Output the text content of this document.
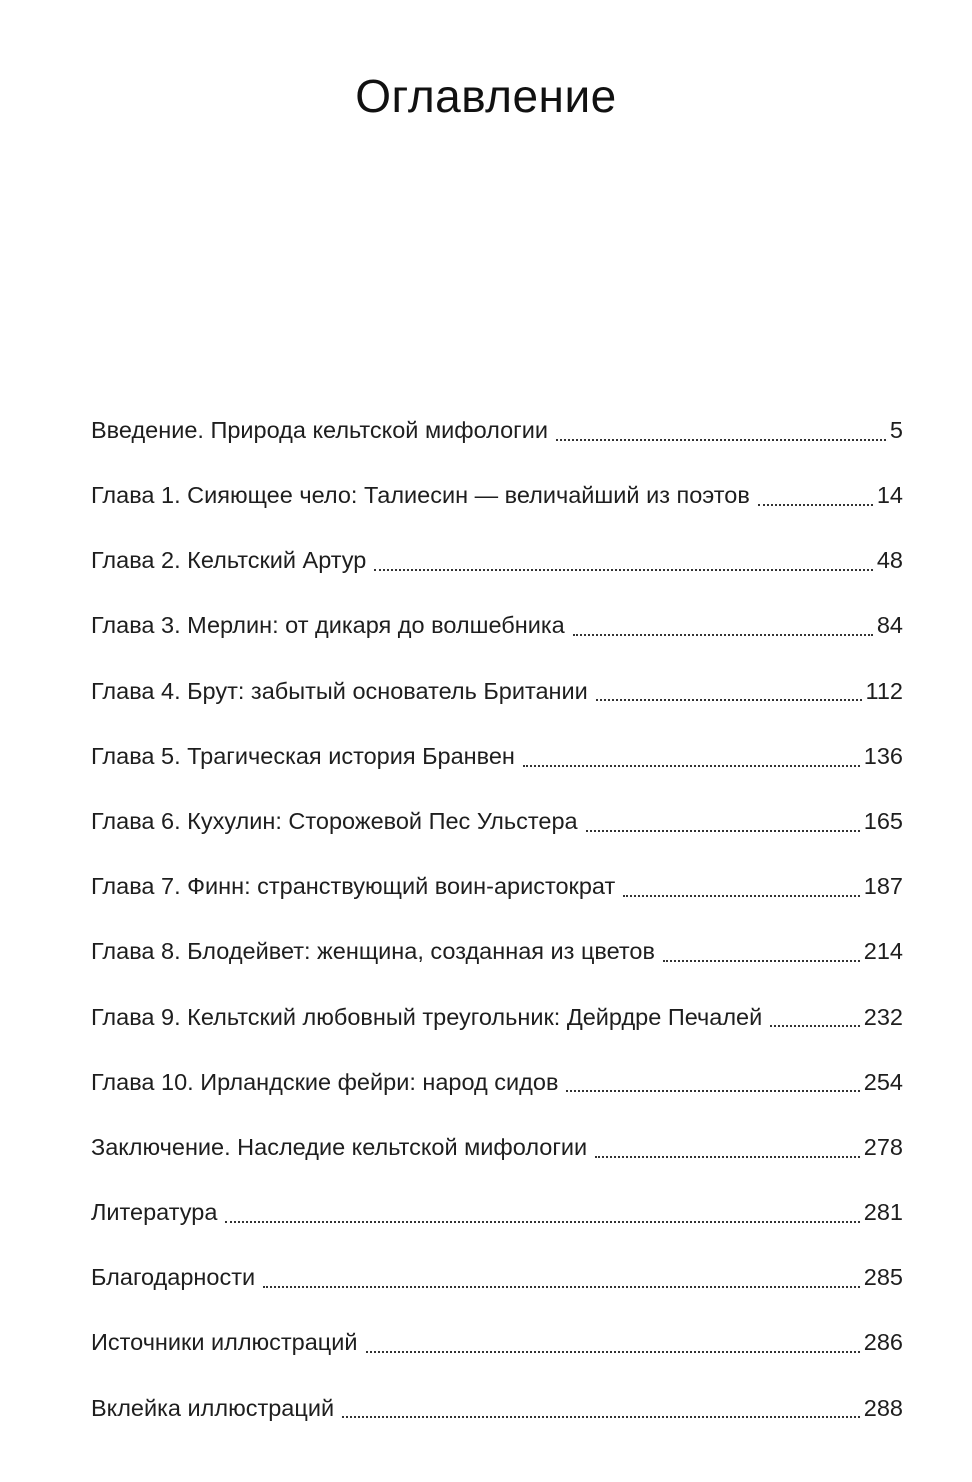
Оглавление
Введение. Природа кельтской мифологии	5
Глава 1. Сияющее чело: Талиесин — величайший из поэтов	14
Глава 2. Кельтский Артур	48
Глава 3. Мерлин: от дикаря до волшебника	84
Глава 4. Брут: забытый основатель Британии	112
Глава 5. Трагическая история Бранвен	136
Глава 6. Кухулин: Сторожевой Пес Ульстера	165
Глава 7. Финн: странствующий воин-аристократ	187
Глава 8. Блодейвет: женщина, созданная из цветов	214
Глава 9. Кельтский любовный треугольник: Дейрдре Печалей	232
Глава 10. Ирландские фейри: народ сидов	254
Заключение. Наследие кельтской мифологии	278
Литература	281
Благодарности	285
Источники иллюстраций	286
Вклейка иллюстраций	288
